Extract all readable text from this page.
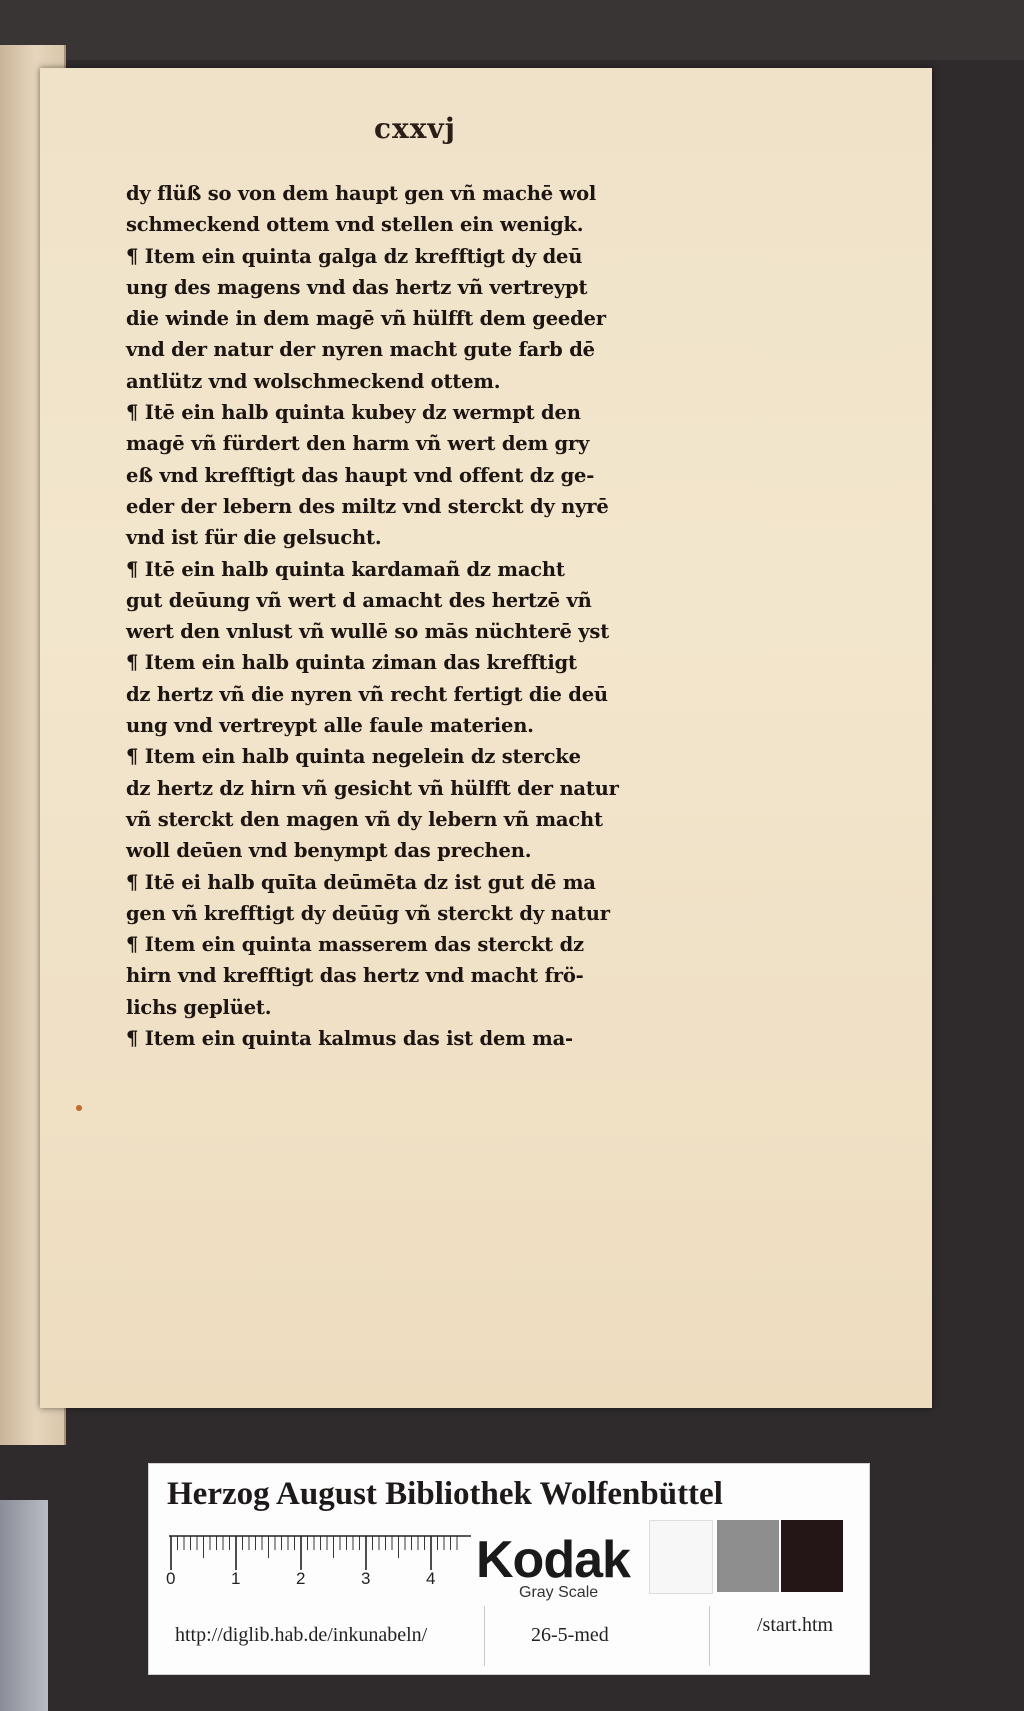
cxxvj
dy flüß so von dem haupt gen vñ machē wol
schmeckend ottem vnd stellen ein wenigk.
¶ Item ein quinta galga dz krefftigt dy deū
ung des magens vnd das hertz vñ vertreypt
die winde in dem magē vñ hülfft dem geeder
vnd der natur der nyren macht gute farb dē
antlütz vnd wolschmeckend ottem.
¶ Itē ein halb quinta kubey dz wermpt den
magē vñ fürdert den harm vñ wert dem gry
eß vnd krefftigt das haupt vnd offent dz ge-
eder der lebern des miltz vnd sterckt dy nyrē
vnd ist für die gelsucht.
¶ Itē ein halb quinta kardamañ dz macht
gut deūung vñ wert d amacht des hertzē vñ
wert den vnlust vñ wullē so mās nüchterē yst
¶ Item ein halb quinta ziman das krefftigt
dz hertz vñ die nyren vñ recht fertigt die deū
ung vnd vertreypt alle faule materien.
¶ Item ein halb quinta negelein dz stercke
dz hertz dz hirn vñ gesicht vñ hülfft der natur
vñ sterckt den magen vñ dy lebern vñ macht
woll deūen vnd benympt das prechen.
¶ Itē ei halb quīta deūmēta dz ist gut dē ma
gen vñ krefftigt dy deūūg vñ sterckt dy natur
¶ Item ein quinta masserem das sterckt dz
hirn vnd krefftigt das hertz vnd macht frö-
lichs geplüet.
¶ Item ein quinta kalmus das ist dem ma-
Herzog August Bibliothek Wolfenbüttel
0	1	2	3	4 Kodak
Gray Scale
http://diglib.hab.de/inkunabeln/	26-5-med	/start.htm
